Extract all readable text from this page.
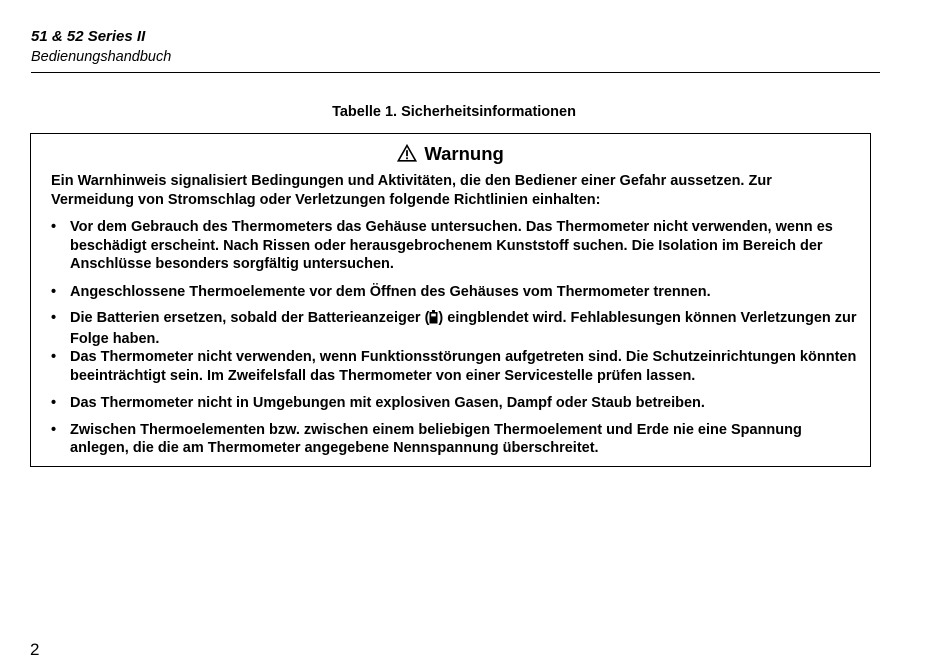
51 & 52 Series II
Bedienungshandbuch
Tabelle 1. Sicherheitsinformationen
Warnung
Ein Warnhinweis signalisiert Bedingungen und Aktivitäten, die den Bediener einer Gefahr aussetzen. Zur Vermeidung von Stromschlag oder Verletzungen folgende Richtlinien einhalten:
• Vor dem Gebrauch des Thermometers das Gehäuse untersuchen. Das Thermometer nicht verwenden, wenn es beschädigt erscheint. Nach Rissen oder herausgebrochenem Kunststoff suchen. Die Isolation im Bereich der Anschlüsse besonders sorgfältig untersuchen.
• Angeschlossene Thermoelemente vor dem Öffnen des Gehäuses vom Thermometer trennen.
• Die Batterien ersetzen, sobald der Batterieanzeiger ( ) eingblendet wird. Fehlablesungen können Verletzungen zur Folge haben.
• Das Thermometer nicht verwenden, wenn Funktionsstörungen aufgetreten sind. Die Schutzeinrichtungen könnten beeinträchtigt sein. Im Zweifelsfall das Thermometer von einer Servicestelle prüfen lassen.
• Das Thermometer nicht in Umgebungen mit explosiven Gasen, Dampf oder Staub betreiben.
• Zwischen Thermoelementen bzw. zwischen einem beliebigen Thermoelement und Erde nie eine Spannung anlegen, die die am Thermometer angegebene Nennspannung überschreitet.
2
